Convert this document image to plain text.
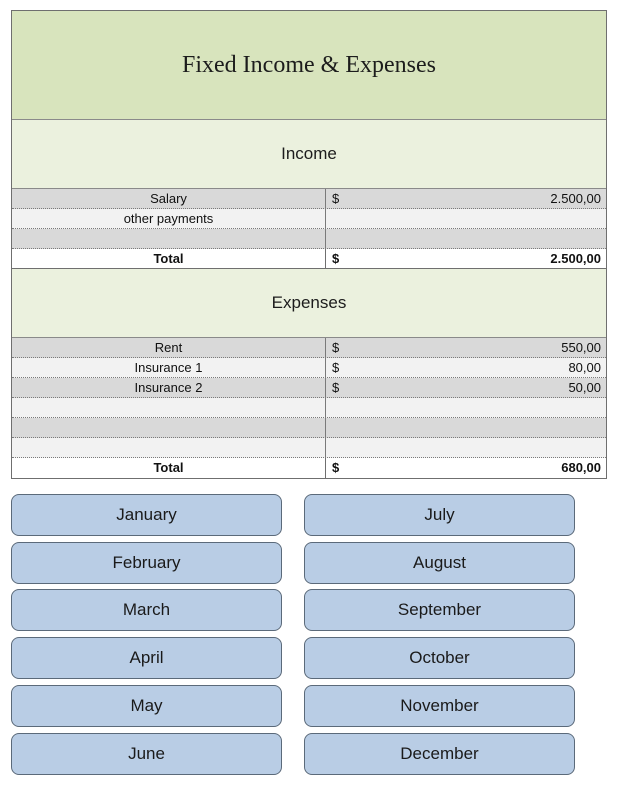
Fixed Income & Expenses
Income
Salary	$	2.500,00
other payments
Total	$	2.500,00
Expenses
Rent	$	550,00
Insurance 1	$	80,00
Insurance 2	$	50,00
Total	$	680,00
January
February
March
April
May
June
July
August
September
October
November
December
